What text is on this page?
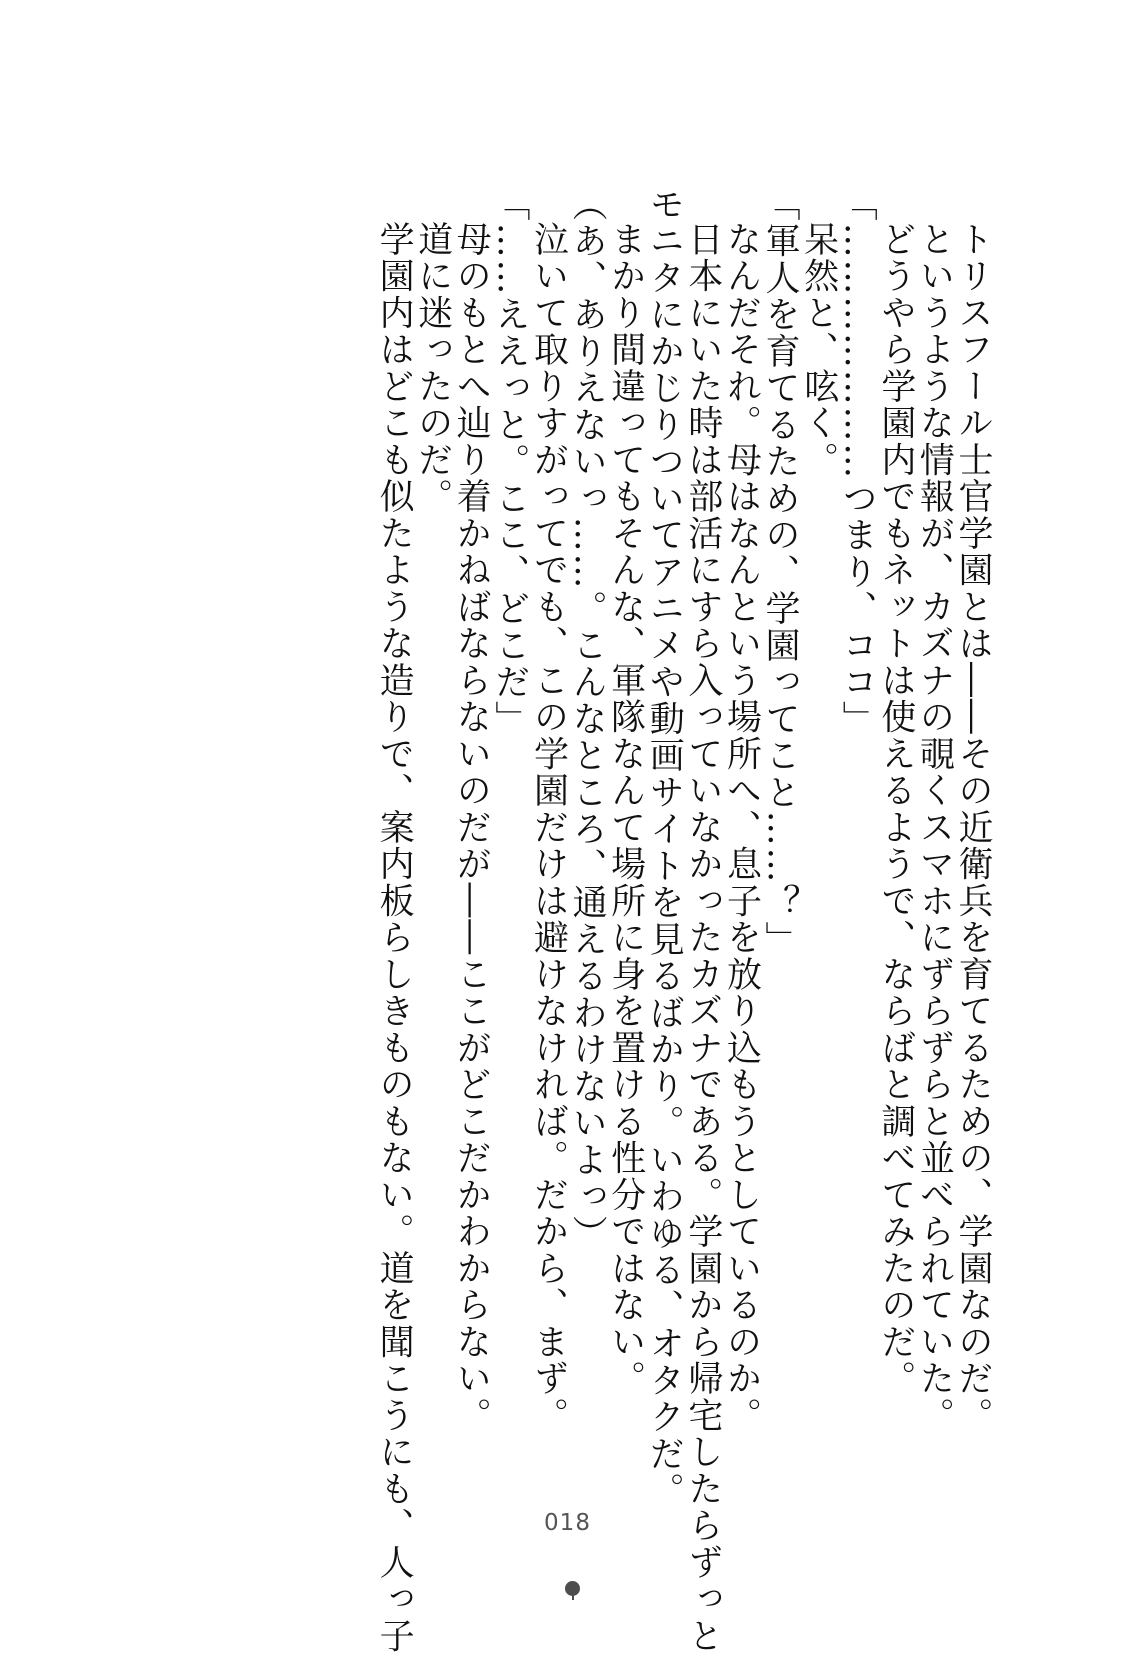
トリスフール士官学園とは――その近衛兵を育てるための、学園なのだ。

というような情報が、カズナの覗くスマホにずらずらと並べられていた。

どうやら学園内でもネットは使えるようで、ならばと調べてみたのだ。

「…………………つまり、ココ」

呆然と、呟く。

「軍人を育てるための、学園ってこと……？」

なんだそれ。母はなんという場所へ、息子を放り込もうとしているのか。

日本にいた時は部活にすら入っていなかったカズナである。学園から帰宅したらずっと

モニタにかじりついてアニメや動画サイトを見るばかり。いわゆる、オタクだ。

まかり間違ってもそんな、軍隊なんて場所に身を置ける性分ではない。

（あ、ありえないっ……。こんなところ、通えるわけないよっ）

泣いて取りすがってでも、この学園だけは避けなければ。だから、まず。

「……ええっと。ここ、どこだ」

母のもとへ辿り着かねばならないのだが――ここがどこだかわからない。

道に迷ったのだ。

学園内はどこも似たような造りで、案内板らしきものもない。道を聞こうにも、人っ子	018
